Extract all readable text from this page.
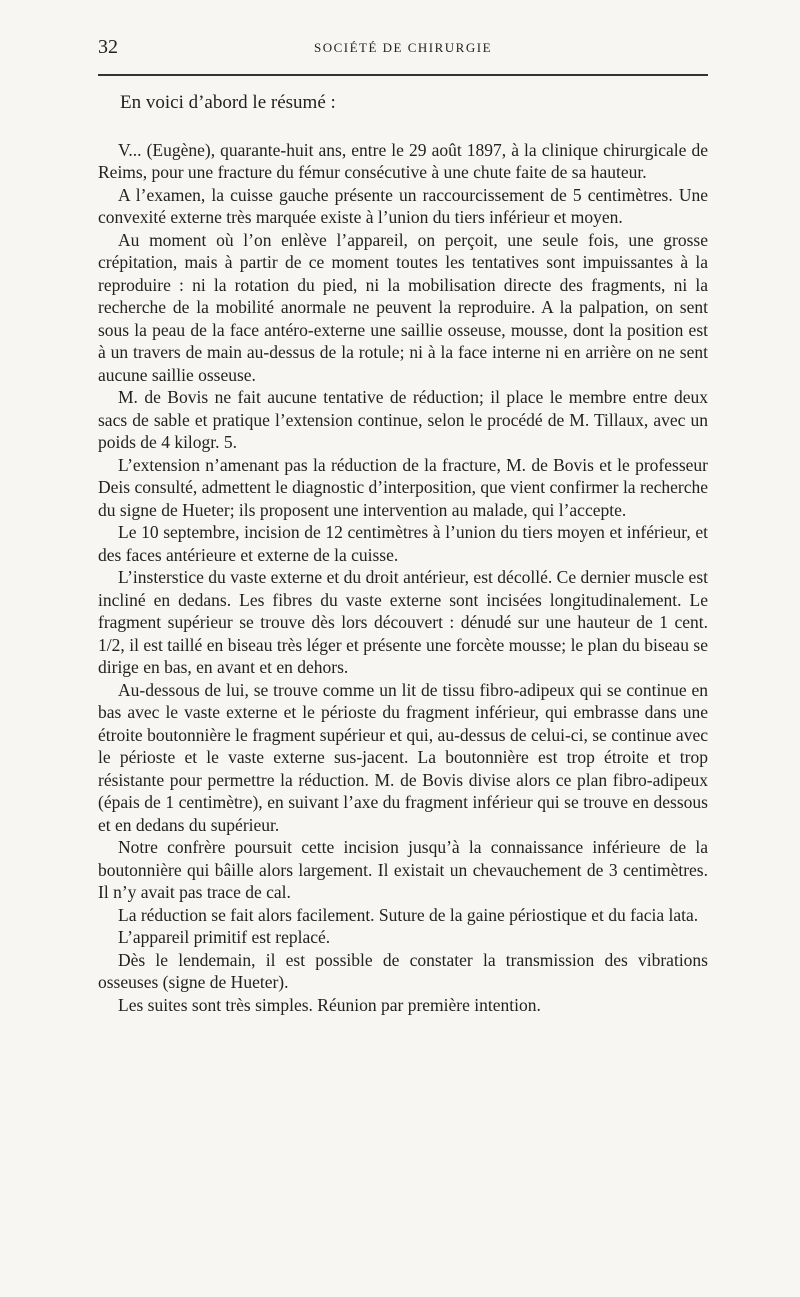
32	SOCIÉTÉ DE CHIRURGIE

En voici d’abord le résumé :

V... (Eugène), quarante-huit ans, entre le 29 août 1897, à la clinique chirurgicale de Reims, pour une fracture du fémur consécutive à une chute faite de sa hauteur.

A l’examen, la cuisse gauche présente un raccourcissement de 5 centimètres. Une convexité externe très marquée existe à l’union du tiers inférieur et moyen.

Au moment où l’on enlève l’appareil, on perçoit, une seule fois, une grosse crépitation, mais à partir de ce moment toutes les tentatives sont impuissantes à la reproduire : ni la rotation du pied, ni la mobilisation directe des fragments, ni la recherche de la mobilité anormale ne peuvent la reproduire. A la palpation, on sent sous la peau de la face antéro-externe une saillie osseuse, mousse, dont la position est à un travers de main au-dessus de la rotule; ni à la face interne ni en arrière on ne sent aucune saillie osseuse.

M. de Bovis ne fait aucune tentative de réduction; il place le membre entre deux sacs de sable et pratique l’extension continue, selon le procédé de M. Tillaux, avec un poids de 4 kilogr. 5.

L’extension n’amenant pas la réduction de la fracture, M. de Bovis et le professeur Deis consulté, admettent le diagnostic d’interposition, que vient confirmer la recherche du signe de Hueter; ils proposent une intervention au malade, qui l’accepte.

Le 10 septembre, incision de 12 centimètres à l’union du tiers moyen et inférieur, et des faces antérieure et externe de la cuisse.

L’insterstice du vaste externe et du droit antérieur, est décollé. Ce dernier muscle est incliné en dedans. Les fibres du vaste externe sont incisées longitudinalement. Le fragment supérieur se trouve dès lors découvert : dénudé sur une hauteur de 1 cent. 1/2, il est taillé en biseau très léger et présente une forcète mousse; le plan du biseau se dirige en bas, en avant et en dehors.

Au-dessous de lui, se trouve comme un lit de tissu fibro-adipeux qui se continue en bas avec le vaste externe et le périoste du fragment inférieur, qui embrasse dans une étroite boutonnière le fragment supérieur et qui, au-dessus de celui-ci, se continue avec le périoste et le vaste externe sus-jacent. La boutonnière est trop étroite et trop résistante pour permettre la réduction. M. de Bovis divise alors ce plan fibro-adipeux (épais de 1 centimètre), en suivant l’axe du fragment inférieur qui se trouve en dessous et en dedans du supérieur.

Notre confrère poursuit cette incision jusqu’à la connaissance inférieure de la boutonnière qui bâille alors largement. Il existait un chevauchement de 3 centimètres. Il n’y avait pas trace de cal.

La réduction se fait alors facilement. Suture de la gaine périostique et du facia lata.

L’appareil primitif est replacé.

Dès le lendemain, il est possible de constater la transmission des vibrations osseuses (signe de Hueter).

Les suites sont très simples. Réunion par première intention.
